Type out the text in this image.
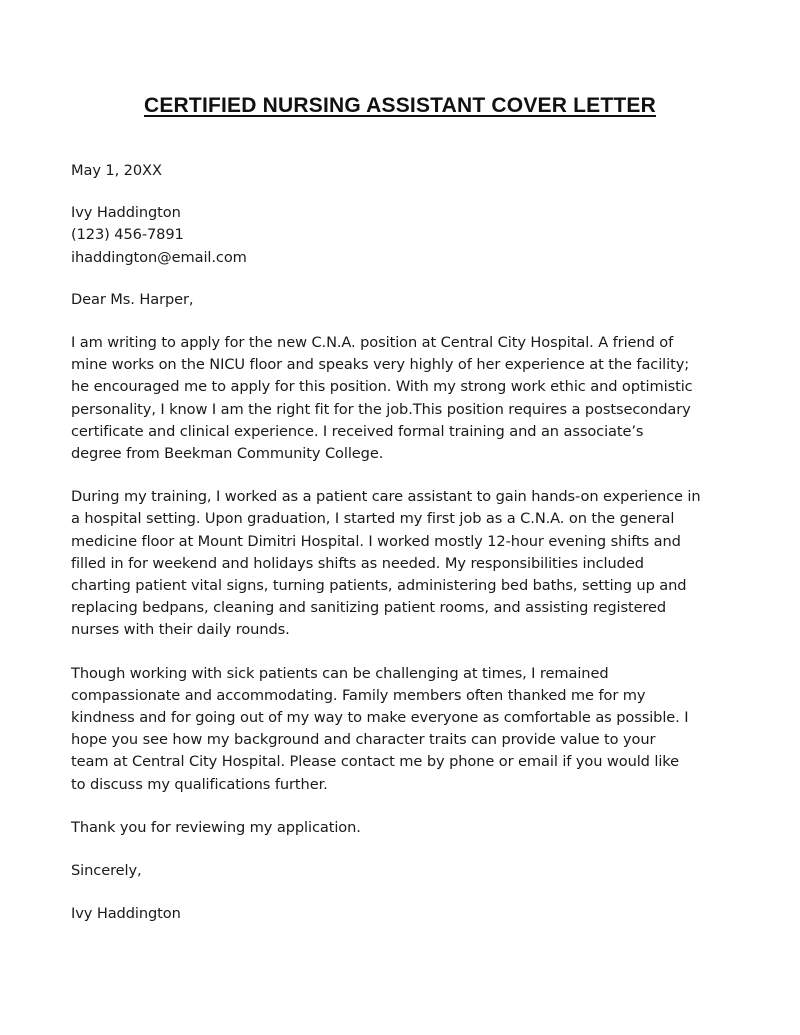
CERTIFIED NURSING ASSISTANT COVER LETTER
May 1, 20XX
Ivy Haddington
(123) 456-7891
ihaddington@email.com
Dear Ms. Harper,
I am writing to apply for the new C.N.A. position at Central City Hospital. A friend of
mine works on the NICU floor and speaks very highly of her experience at the facility;
he encouraged me to apply for this position. With my strong work ethic and optimistic
personality, I know I am the right fit for the job.This position requires a postsecondary
certificate and clinical experience. I received formal training and an associate’s
degree from Beekman Community College.
During my training, I worked as a patient care assistant to gain hands-on experience in
a hospital setting. Upon graduation, I started my first job as a C.N.A. on the general
medicine floor at Mount Dimitri Hospital. I worked mostly 12-hour evening shifts and
filled in for weekend and holidays shifts as needed. My responsibilities included
charting patient vital signs, turning patients, administering bed baths, setting up and
replacing bedpans, cleaning and sanitizing patient rooms, and assisting registered
nurses with their daily rounds.
Though working with sick patients can be challenging at times, I remained
compassionate and accommodating. Family members often thanked me for my
kindness and for going out of my way to make everyone as comfortable as possible. I
hope you see how my background and character traits can provide value to your
team at Central City Hospital. Please contact me by phone or email if you would like
to discuss my qualifications further.
Thank you for reviewing my application.
Sincerely,
Ivy Haddington
